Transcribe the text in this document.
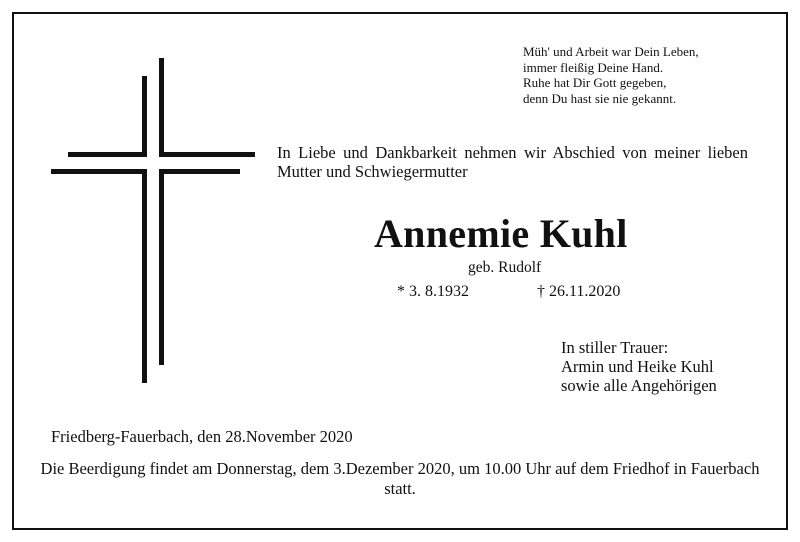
Müh' und Arbeit war Dein Leben,
immer fleißig Deine Hand.
Ruhe hat Dir Gott gegeben,
denn Du hast sie nie gekannt.

In Liebe und Dankbarkeit nehmen wir Abschied von meiner lieben Mutter und Schwiegermutter

Annemie Kuhl
geb. Rudolf
* 3. 8.1932	† 26.11.2020
In stiller Trauer:
Armin und Heike Kuhl
sowie alle Angehörigen
Friedberg-Fauerbach, den 28.November 2020

Die Beerdigung findet am Donnerstag, dem 3.Dezember 2020, um 10.00 Uhr auf dem Friedhof in Fauerbach statt.
